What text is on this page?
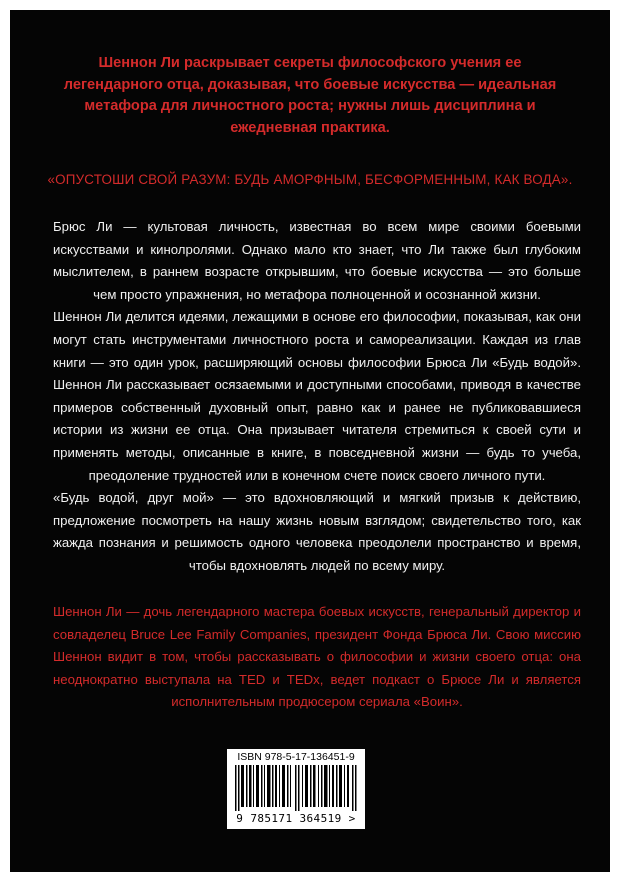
Шеннон Ли раскрывает секреты философского учения ее легендарного отца, доказывая, что боевые искусства — идеальная метафора для личностного роста; нужны лишь дисциплина и ежедневная практика.

«ОПУСТОШИ СВОЙ РАЗУМ: БУДЬ АМОРФНЫМ, БЕСФОРМЕННЫМ, КАК ВОДА».

Брюс Ли — культовая личность, известная во всем мире своими боевыми искусствами и кинолролями. Однако мало кто знает, что Ли также был глубоким мыслителем, в раннем возрасте открывшим, что боевые искусства — это больше чем просто упражнения, но метафора полноценной и осознанной жизни.

Шеннон Ли делится идеями, лежащими в основе его философии, показывая, как они могут стать инструментами личностного роста и самореализации. Каждая из глав книги — это один урок, расширяющий основы философии Брюса Ли «Будь водой». Шеннон Ли рассказывает осязаемыми и доступными способами, приводя в качестве примеров собственный духовный опыт, равно как и ранее не публиковавшиеся истории из жизни ее отца. Она призывает читателя стремиться к своей сути и применять методы, описанные в книге, в повседневной жизни — будь то учеба, преодоление трудностей или в конечном счете поиск своего личного пути.

«Будь водой, друг мой» — это вдохновляющий и мягкий призыв к действию, предложение посмотреть на нашу жизнь новым взглядом; свидетельство того, как жажда познания и решимость одного человека преодолели пространство и время, чтобы вдохновлять людей по всему миру.

Шеннон Ли — дочь легендарного мастера боевых искусств, генеральный директор и совладелец Bruce Lee Family Companies, президент Фонда Брюса Ли. Свою миссию Шеннон видит в том, чтобы рассказывать о философии и жизни своего отца: она неоднократно выступала на TED и TEDx, ведет подкаст о Брюсе Ли и является исполнительным продюсером сериала «Воин».

ISBN 978-5-17-136451-9

9 785171 364519 >
